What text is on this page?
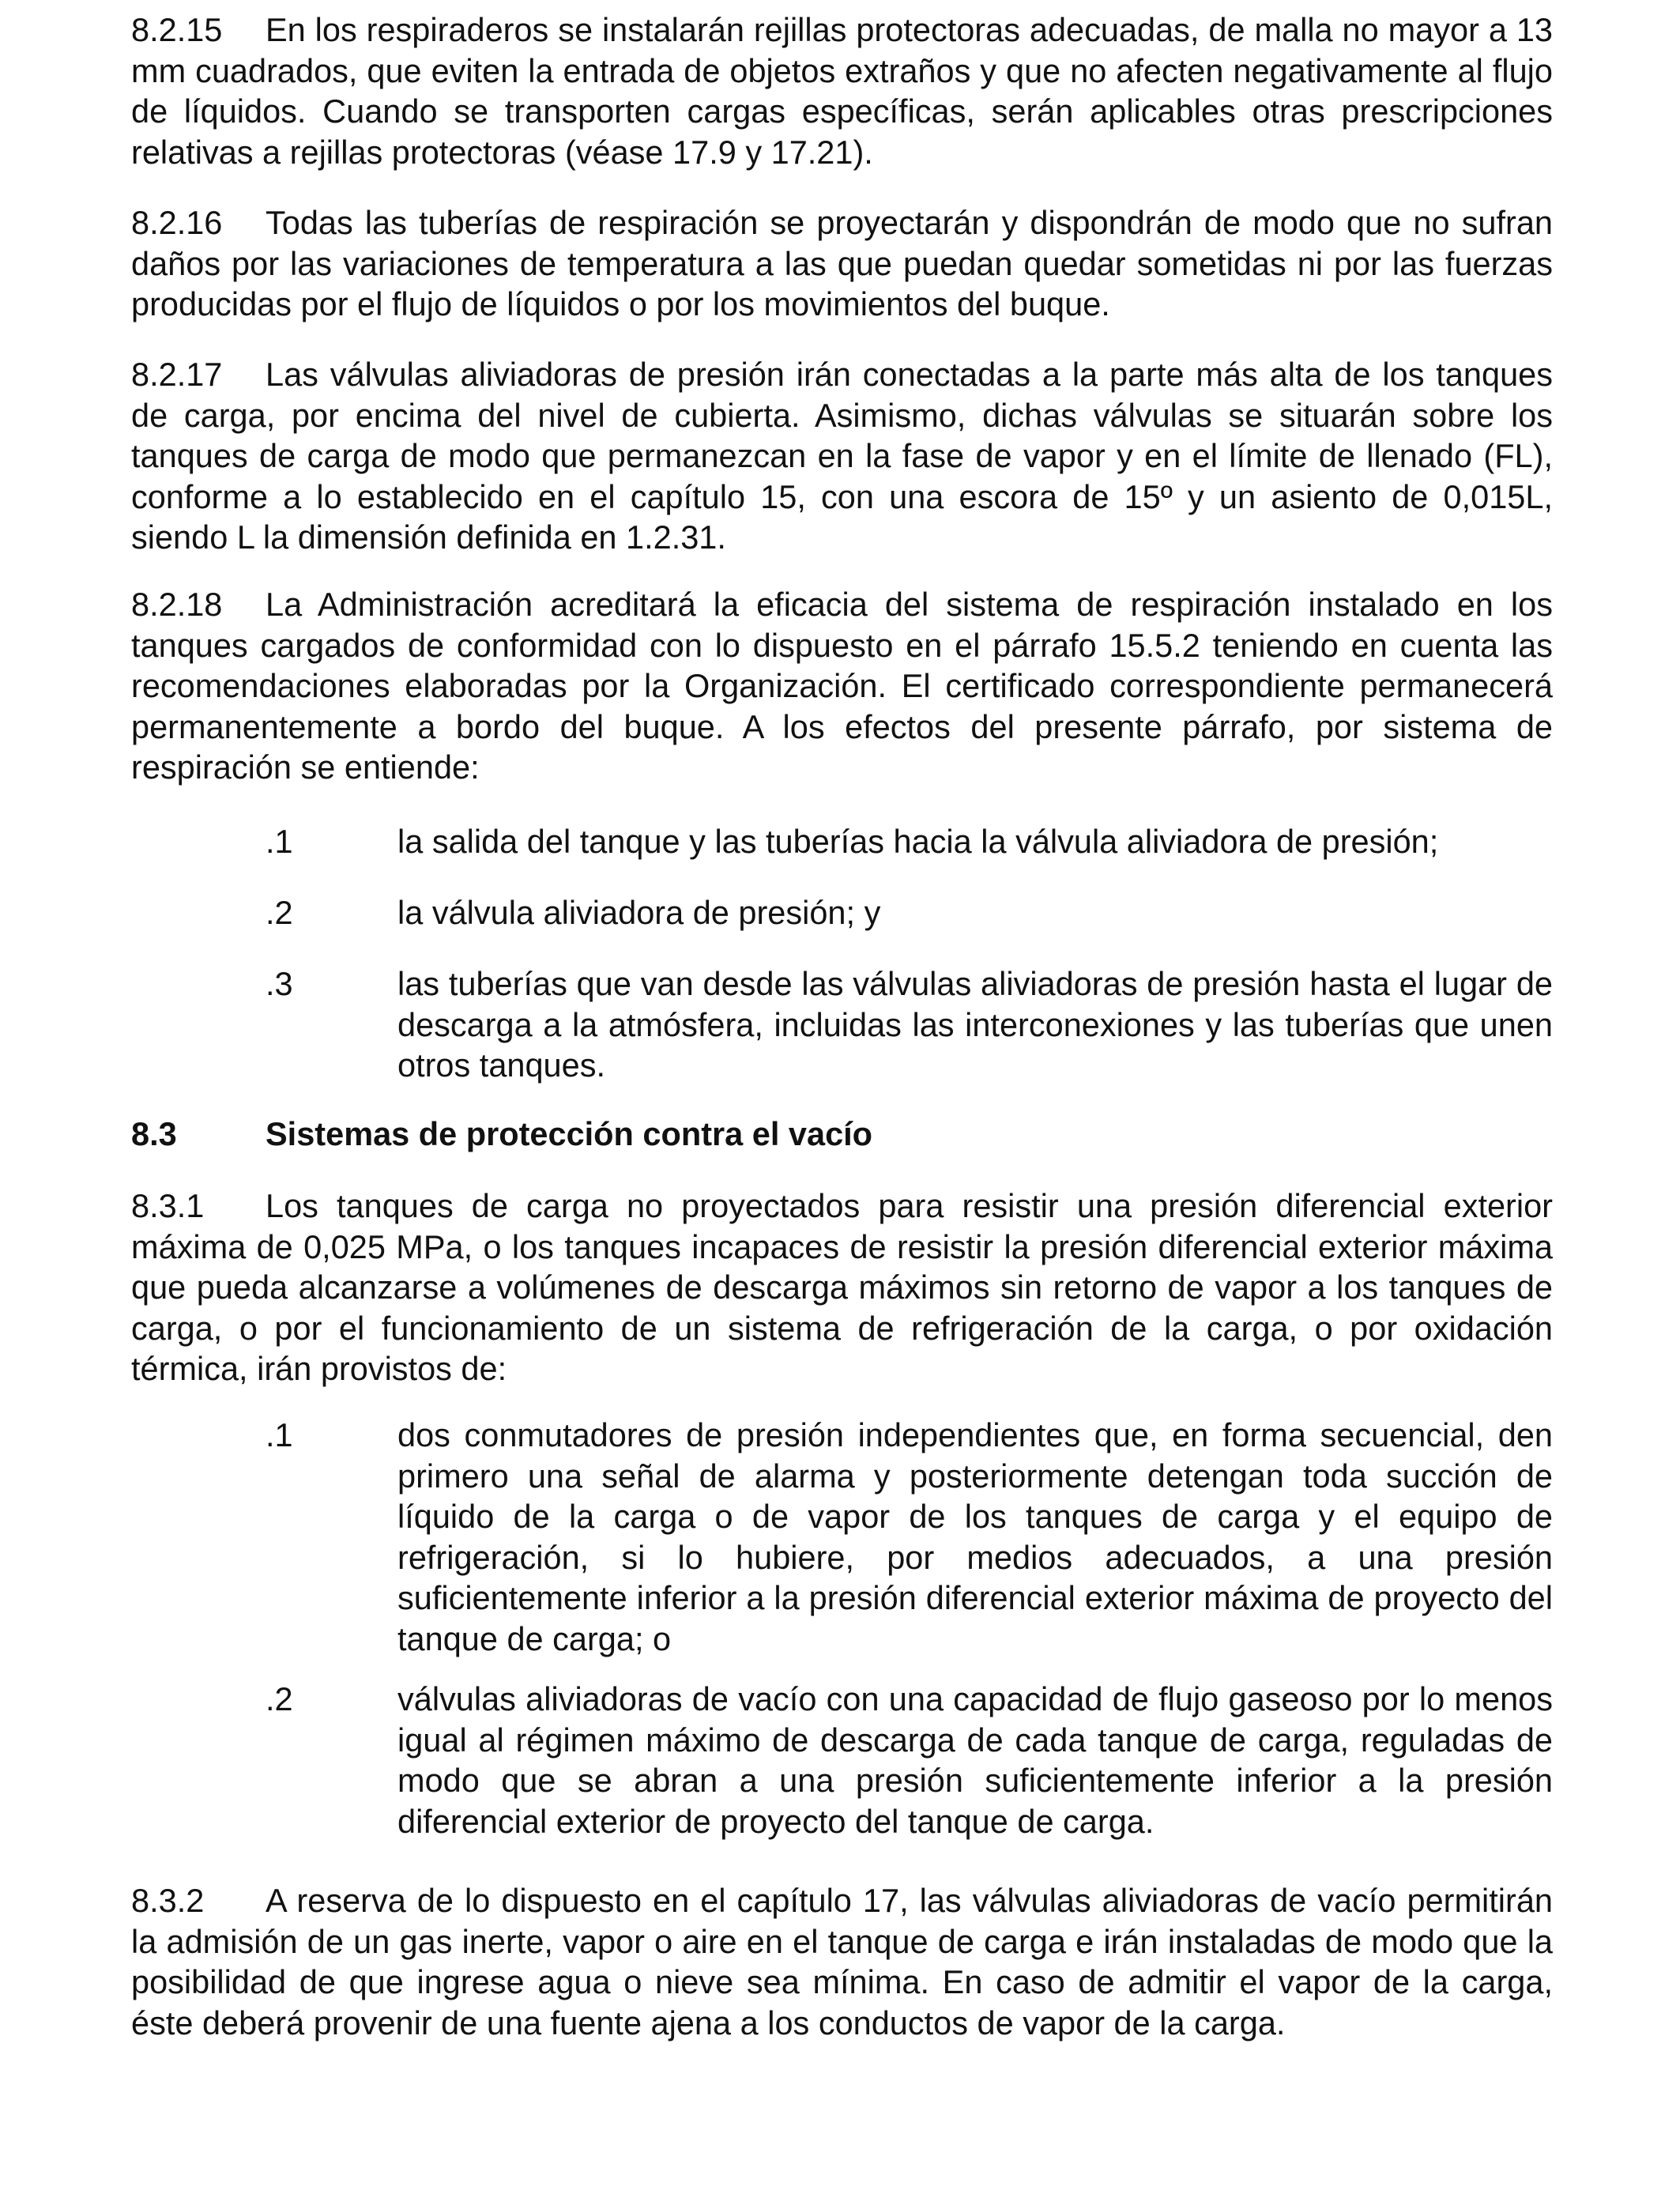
8.2.15 En los respiraderos se instalarán rejillas protectoras adecuadas, de malla no mayor a 13 mm cuadrados, que eviten la entrada de objetos extraños y que no afecten negativamente al flujo de líquidos. Cuando se transporten cargas específicas, serán aplicables otras prescripciones relativas a rejillas protectoras (véase 17.9 y 17.21).

8.2.16 Todas las tuberías de respiración se proyectarán y dispondrán de modo que no sufran daños por las variaciones de temperatura a las que puedan quedar sometidas ni por las fuerzas producidas por el flujo de líquidos o por los movimientos del buque.

8.2.17 Las válvulas aliviadoras de presión irán conectadas a la parte más alta de los tanques de carga, por encima del nivel de cubierta. Asimismo, dichas válvulas se situarán sobre los tanques de carga de modo que permanezcan en la fase de vapor y en el límite de llenado (FL), conforme a lo establecido en el capítulo 15, con una escora de 15º y un asiento de 0,015L, siendo L la dimensión definida en 1.2.31.

8.2.18 La Administración acreditará la eficacia del sistema de respiración instalado en los tanques cargados de conformidad con lo dispuesto en el párrafo 15.5.2 teniendo en cuenta las recomendaciones elaboradas por la Organización. El certificado correspondiente permanecerá permanentemente a bordo del buque. A los efectos del presente párrafo, por sistema de respiración se entiende:

.1	la salida del tanque y las tuberías hacia la válvula aliviadora de presión;

.2	la válvula aliviadora de presión; y

.3	las tuberías que van desde las válvulas aliviadoras de presión hasta el lugar de descarga a la atmósfera, incluidas las interconexiones y las tuberías que unen otros tanques.

8.3	Sistemas de protección contra el vacío

8.3.1 Los tanques de carga no proyectados para resistir una presión diferencial exterior máxima de 0,025 MPa, o los tanques incapaces de resistir la presión diferencial exterior máxima que pueda alcanzarse a volúmenes de descarga máximos sin retorno de vapor a los tanques de carga, o por el funcionamiento de un sistema de refrigeración de la carga, o por oxidación térmica, irán provistos de:

.1	dos conmutadores de presión independientes que, en forma secuencial, den primero una señal de alarma y posteriormente detengan toda succión de líquido de la carga o de vapor de los tanques de carga y el equipo de refrigeración, si lo hubiere, por medios adecuados, a una presión suficientemente inferior a la presión diferencial exterior máxima de proyecto del tanque de carga; o

.2	válvulas aliviadoras de vacío con una capacidad de flujo gaseoso por lo menos igual al régimen máximo de descarga de cada tanque de carga, reguladas de modo que se abran a una presión suficientemente inferior a la presión diferencial exterior de proyecto del tanque de carga.

8.3.2 A reserva de lo dispuesto en el capítulo 17, las válvulas aliviadoras de vacío permitirán la admisión de un gas inerte, vapor o aire en el tanque de carga e irán instaladas de modo que la posibilidad de que ingrese agua o nieve sea mínima. En caso de admitir el vapor de la carga, éste deberá provenir de una fuente ajena a los conductos de vapor de la carga.
